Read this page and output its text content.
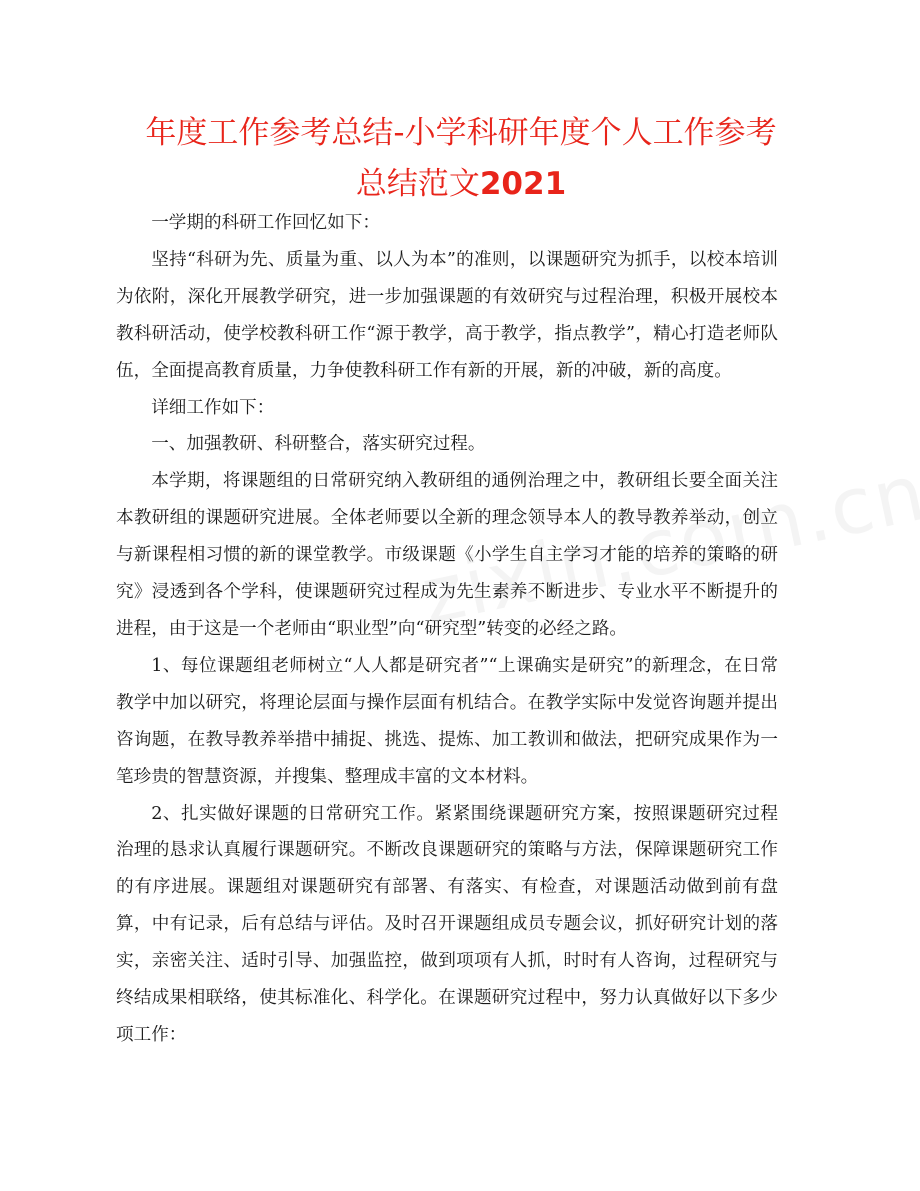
年度工作参考总结-小学科研年度个人工作参考
总结范文2021

一学期的科研工作回忆如下：

坚持“科研为先、质量为重、以人为本”的准则，以课题研究为抓手，以校本培训为依附，深化开展教学研究，进一步加强课题的有效研究与过程治理，积极开展校本教科研活动，使学校教科研工作“源于教学，高于教学，指点教学”，精心打造老师队伍，全面提高教育质量，力争使教科研工作有新的开展，新的冲破，新的高度。

详细工作如下：

一、加强教研、科研整合，落实研究过程。

本学期，将课题组的日常研究纳入教研组的通例治理之中，教研组长要全面关注本教研组的课题研究进展。全体老师要以全新的理念领导本人的教导教养举动，创立与新课程相习惯的新的课堂教学。市级课题《小学生自主学习才能的培养的策略的研究》浸透到各个学科，使课题研究过程成为先生素养不断进步、专业水平不断提升的进程，由于这是一个老师由“职业型”向“研究型”转变的必经之路。

1、每位课题组老师树立“人人都是研究者”“上课确实是研究”的新理念，在日常教学中加以研究，将理论层面与操作层面有机结合。在教学实际中发觉咨询题并提出咨询题，在教导教养举措中捕捉、挑选、提炼、加工教训和做法，把研究成果作为一笔珍贵的智慧资源，并搜集、整理成丰富的文本材料。

2、扎实做好课题的日常研究工作。紧紧围绕课题研究方案，按照课题研究过程治理的恳求认真履行课题研究。不断改良课题研究的策略与方法，保障课题研究工作的有序进展。课题组对课题研究有部署、有落实、有检查，对课题活动做到前有盘算，中有记录，后有总结与评估。及时召开课题组成员专题会议，抓好研究计划的落实，亲密关注、适时引导、加强监控，做到项项有人抓，时时有人咨询，过程研究与终结成果相联络，使其标准化、科学化。在课题研究过程中，努力认真做好以下多少项工作：
